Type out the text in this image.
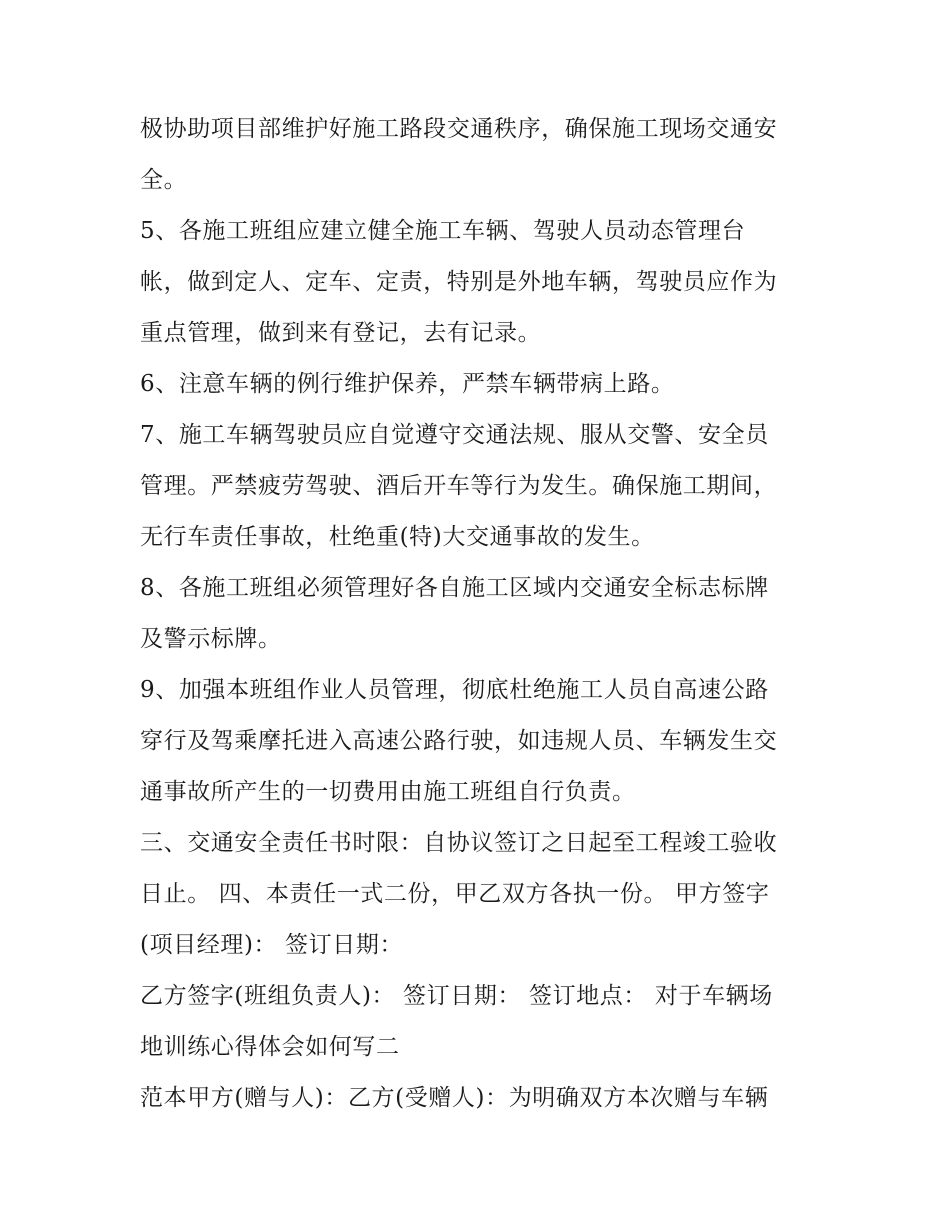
极协助项目部维护好施工路段交通秩序，确保施工现场交通安
全。
5、各施工班组应建立健全施工车辆、驾驶人员动态管理台
帐，做到定人、定车、定责，特别是外地车辆，驾驶员应作为
重点管理，做到来有登记，去有记录。
6、注意车辆的例行维护保养，严禁车辆带病上路。
7、施工车辆驾驶员应自觉遵守交通法规、服从交警、安全员
管理。严禁疲劳驾驶、酒后开车等行为发生。确保施工期间，
无行车责任事故，杜绝重(特)大交通事故的发生。
8、各施工班组必须管理好各自施工区域内交通安全标志标牌
及警示标牌。
9、加强本班组作业人员管理，彻底杜绝施工人员自高速公路
穿行及驾乘摩托进入高速公路行驶，如违规人员、车辆发生交
通事故所产生的一切费用由施工班组自行负责。
三、交通安全责任书时限：自协议签订之日起至工程竣工验收
日止。 四、本责任一式二份，甲乙双方各执一份。 甲方签字
(项目经理)： 签订日期：
乙方签字(班组负责人)： 签订日期： 签订地点： 对于车辆场
地训练心得体会如何写二
范本甲方(赠与人)：乙方(受赠人)：为明确双方本次赠与车辆
